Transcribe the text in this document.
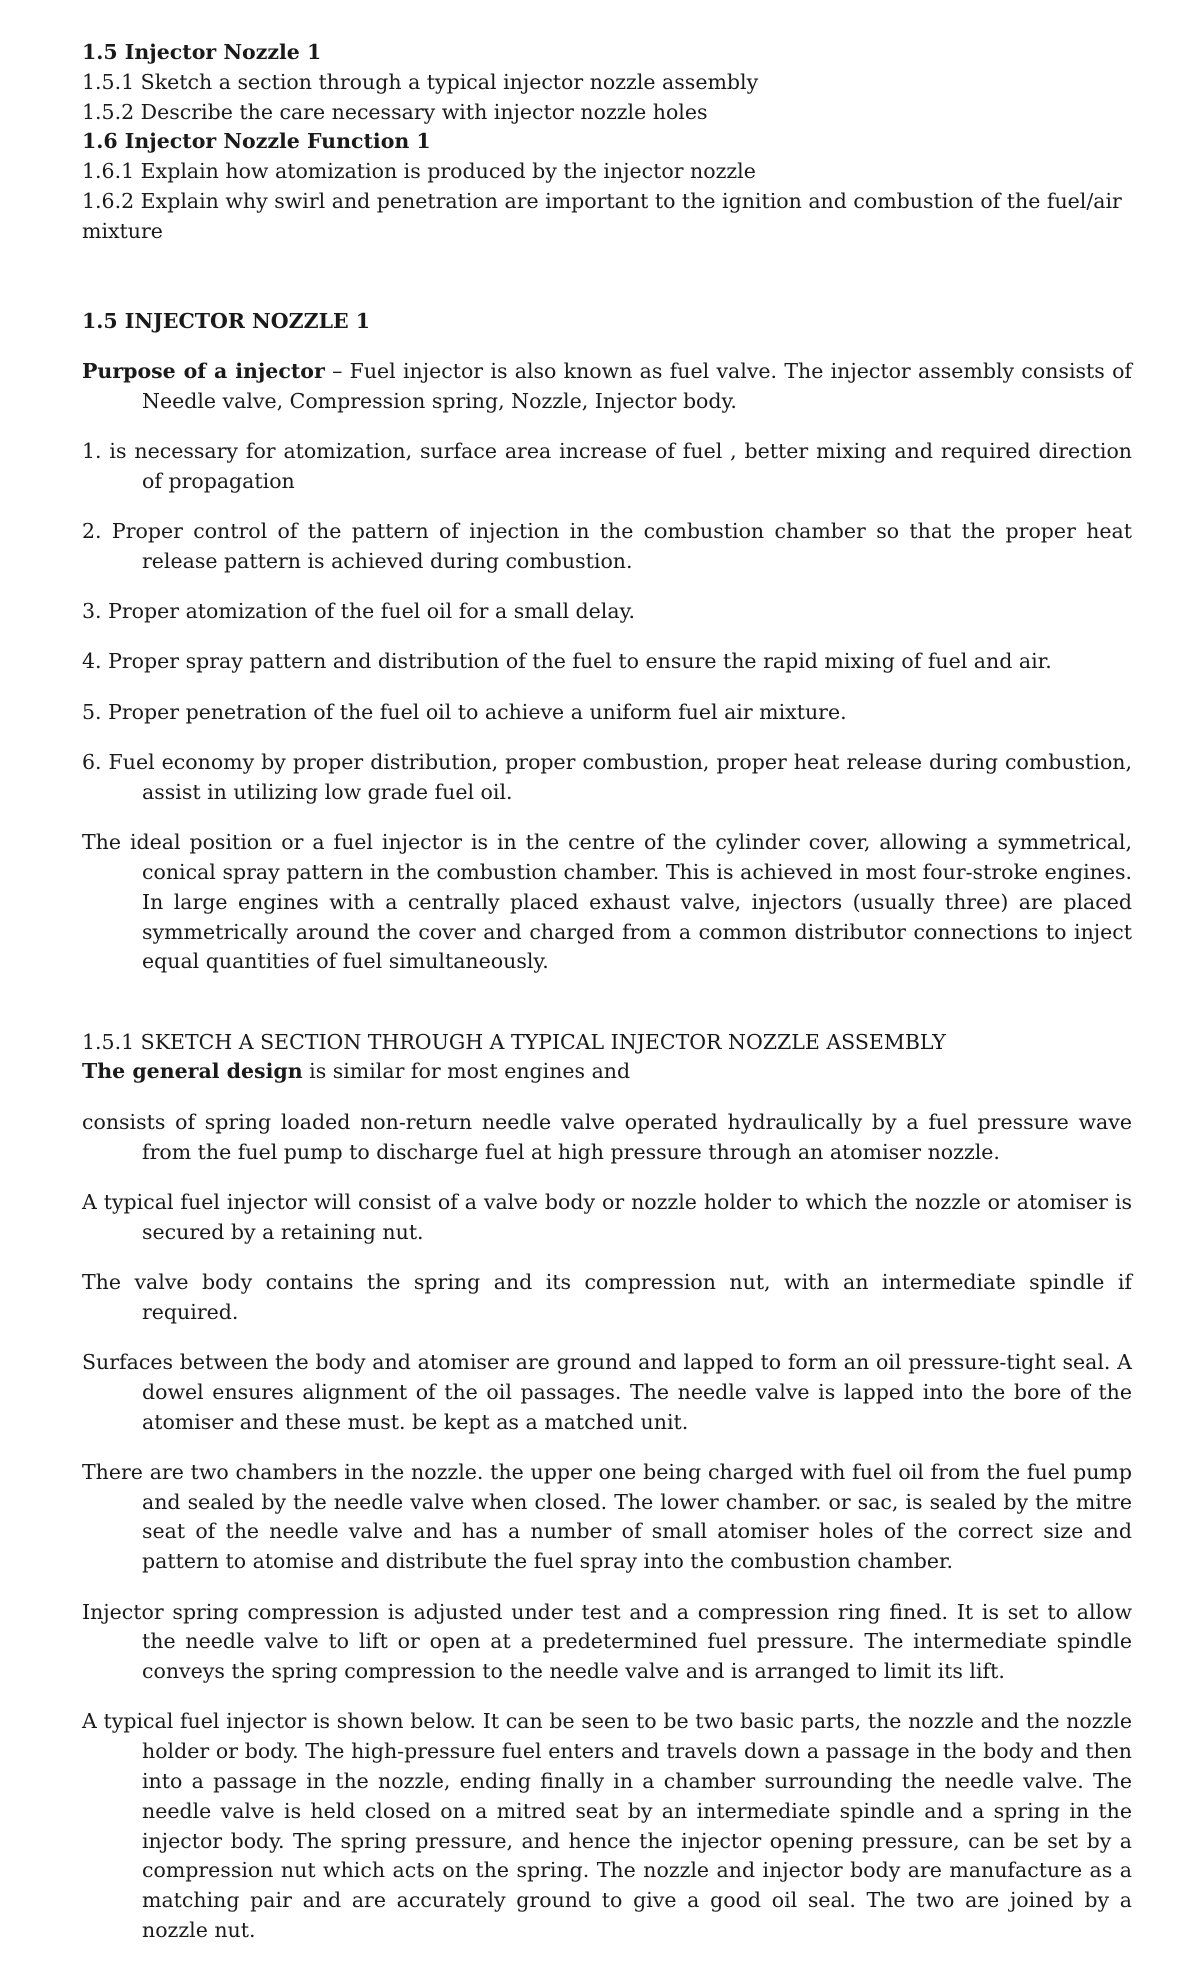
1.5 Injector Nozzle 1

1.5.1 Sketch a section through a typical injector nozzle assembly

1.5.2 Describe the care necessary with injector nozzle holes

1.6 Injector Nozzle Function 1

1.6.1 Explain how atomization is produced by the injector nozzle

1.6.2 Explain why swirl and penetration are important to the ignition and combustion of the fuel/air mixture

1.5 INJECTOR NOZZLE 1

Purpose of a injector – Fuel injector is also known as fuel valve. The injector assembly consists of Needle valve, Compression spring, Nozzle, Injector body.

1. is necessary for atomization, surface area increase of fuel , better mixing and required direction of propagation

2. Proper control of the pattern of injection in the combustion chamber so that the proper heat release pattern is achieved during combustion.

3. Proper atomization of the fuel oil for a small delay.

4. Proper spray pattern and distribution of the fuel to ensure the rapid mixing of fuel and air.

5. Proper penetration of the fuel oil to achieve a uniform fuel air mixture.

6. Fuel economy by proper distribution, proper combustion, proper heat release during combustion, assist in utilizing low grade fuel oil.

The ideal position or a fuel injector is in the centre of the cylinder cover, allowing a symmetrical, conical spray pattern in the combustion chamber. This is achieved in most four-stroke engines. In large engines with a centrally placed exhaust valve, injectors (usually three) are placed symmetrically around the cover and charged from a common distributor connections to inject equal quantities of fuel simultaneously.

1.5.1 SKETCH A SECTION THROUGH A TYPICAL INJECTOR NOZZLE ASSEMBLY

The general design is similar for most engines and

consists of spring loaded non-return needle valve operated hydraulically by a fuel pressure wave from the fuel pump to discharge fuel at high pressure through an atomiser nozzle.

A typical fuel injector will consist of a valve body or nozzle holder to which the nozzle or atomiser is secured by a retaining nut.

The valve body contains the spring and its compression nut, with an intermediate spindle if required.

Surfaces between the body and atomiser are ground and lapped to form an oil pressure-tight seal. A dowel ensures alignment of the oil passages. The needle valve is lapped into the bore of the atomiser and these must. be kept as a matched unit.

There are two chambers in the nozzle. the upper one being charged with fuel oil from the fuel pump and sealed by the needle valve when closed. The lower chamber. or sac, is sealed by the mitre seat of the needle valve and has a number of small atomiser holes of the correct size and pattern to atomise and distribute the fuel spray into the combustion chamber.

Injector spring compression is adjusted under test and a compression ring fined. It is set to allow the needle valve to lift or open at a predetermined fuel pressure. The intermediate spindle conveys the spring compression to the needle valve and is arranged to limit its lift.

A typical fuel injector is shown below. It can be seen to be two basic parts, the nozzle and the nozzle holder or body. The high-pressure fuel enters and travels down a passage in the body and then into a passage in the nozzle, ending finally in a chamber surrounding the needle valve. The needle valve is held closed on a mitred seat by an intermediate spindle and a spring in the injector body. The spring pressure, and hence the injector opening pressure, can be set by a compression nut which acts on the spring. The nozzle and injector body are manufacture as a matching pair and are accurately ground to give a good oil seal. The two are joined by a nozzle nut.
